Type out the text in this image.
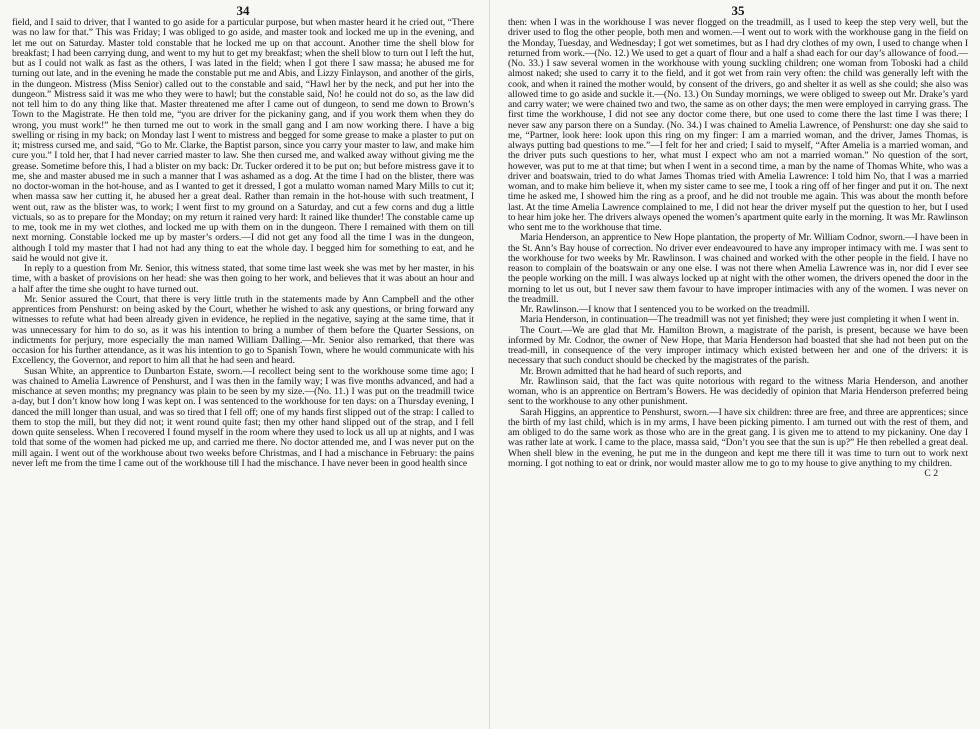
34

field, and I said to driver, that I wanted to go aside for a particular purpose, but when master heard it he cried out, “There was no law for that.” This was Friday; I was obliged to go aside, and master took and locked me up in the evening, and let me out on Saturday. Master told constable that he locked me up on that account. Another time the shell blow for breakfast; I had been carrying dung, and went to my hut to get my breakfast; when the shell blow to turn out I left the hut, but as I could not walk as fast as the others, I was lated in the field; when I got there I saw massa; he abused me for turning out late, and in the evening he made the constable put me and Abis, and Lizzy Finlayson, and another of the girls, in the dungeon. Mistress (Miss Senior) called out to the constable and said, “Hawl her by the neck, and put her into the dungeon.” Mistress said it was me who they were to hawl; but the constable said, No! he could not do so, as the law did not tell him to do any thing like that. Master threatened me after I came out of dungeon, to send me down to Brown’s Town to the Magistrate. He then told me, “you are driver for the pickaniny gang, and if you work them when they do wrong, you must work!” he then turned me out to work in the small gang and I am now working there. I have a big swelling or rising in my back; on Monday last I went to mistress and begged for some grease to make a plaster to put on it; mistress cursed me, and said, “Go to Mr. Clarke, the Baptist parson, since you carry your master to law, and make him cure you.” I told her, that I had never carried master to law. She then cursed me, and walked away without giving me the grease. Sometime before this, I had a blister on my back: Dr. Tucker ordered it to be put on; but before mistress gave it to me, she and master abused me in such a manner that I was ashamed as a dog. At the time I had on the blister, there was no doctor-woman in the hot-house, and as I wanted to get it dressed, I got a mulatto woman named Mary Mills to cut it; when massa saw her cutting it, he abused her a great deal. Rather than remain in the hot-house with such treatment, I went out, raw as the blister was, to work; I went first to my ground on a Saturday, and cut a few corns and dug a little victuals, so as to prepare for the Monday; on my return it rained very hard: It rained like thunder! The constable came up to me, took me in my wet clothes, and locked me up with them on in the dungeon. There I remained with them on till next morning. Constable locked me up by master’s orders.—I did not get any food all the time I was in the dungeon, although I told my master that I had not had any thing to eat the whole day. I begged him for something to eat, and he said he would not give it.

In reply to a question from Mr. Senior, this witness stated, that some time last week she was met by her master, in his time, with a basket of provisions on her head: she was then going to her work, and believes that it was about an hour and a half after the time she ought to have turned out.

Mr. Senior assured the Court, that there is very little truth in the statements made by Ann Campbell and the other apprentices from Penshurst: on being asked by the Court, whether he wished to ask any questions, or bring forward any witnesses to refute what had been already given in evidence, he replied in the negative, saying at the same time, that it was unnecessary for him to do so, as it was his intention to bring a number of them before the Quarter Sessions, on indictments for perjury, more especially the man named William Dalling.—Mr. Senior also remarked, that there was occasion for his further attendance, as it was his intention to go to Spanish Town, where he would communicate with his Excellency, the Governor, and report to him all that he had seen and heard.

Susan White, an apprentice to Dunbarton Estate, sworn.—I recollect being sent to the workhouse some time ago; I was chained to Amelia Lawrence of Penshurst, and I was then in the family way; I was five months advanced, and had a mischance at seven months; my pregnancy was plain to be seen by my size.—(No. 11.) I was put on the treadmill twice a-day, but I don’t know how long I was kept on. I was sentenced to the workhouse for ten days: on a Thursday evening, I danced the mill longer than usual, and was so tired that I fell off; one of my hands first slipped out of the strap: I called to them to stop the mill, but they did not; it went round quite fast; then my other hand slipped out of the strap, and I fell down quite senseless. When I recovered I found myself in the room where they used to lock us all up at nights, and I was told that some of the women had picked me up, and carried me there. No doctor attended me, and I was never put on the mill again. I went out of the workhouse about two weeks before Christmas, and I had a mischance in February: the pains never left me from the time I came out of the workhouse till I had the mischance. I have never been in good health since

35

then: when I was in the workhouse I was never flogged on the treadmill, as I used to keep the step very well, but the driver used to flog the other people, both men and women.—I went out to work with the workhouse gang in the field on the Monday, Tuesday, and Wednesday; I got wet sometimes, but as I had dry clothes of my own, I used to change when I returned from work.—(No. 12.) We used to get a quart of flour and a half a shad each for our day’s allowance of food.—(No. 33.) I saw several women in the workhouse with young suckling children; one woman from Toboski had a child almost naked; she used to carry it to the field, and it got wet from rain very often: the child was generally left with the cook, and when it rained the mother would, by consent of the drivers, go and shelter it as well as she could; she also was allowed time to go aside and suckle it.—(No. 13.) On Sunday mornings, we were obliged to sweep out Mr. Drake’s yard and carry water; we were chained two and two, the same as on other days; the men were employed in carrying grass. The first time the workhouse, I did not see any doctor come there, but one used to come there the last time I was there; I never saw any parson there on a Sunday. (No. 34.) I was chained to Amelia Lawrence, of Penshurst: one day she said to me, “Partner, look here: look upon this ring on my finger: I am a married woman, and the driver, James Thomas, is always putting bad questions to me.”—I felt for her and cried; I said to myself, “After Amelia is a married woman, and the driver puts such questions to her, what must I expect who am not a married woman.” No question of the sort, however, was put to me at that time; but when I went in a second time, a man by the name of Thomas White, who was a driver and boatswain, tried to do what James Thomas tried with Amelia Lawrence: I told him No, that I was a married woman, and to make him believe it, when my sister came to see me, I took a ring off of her finger and put it on. The next time he asked me, I showed him the ring as a proof, and he did not trouble me again. This was about the month before last. At the time Amelia Lawrence complained to me, I did not hear the driver myself put the question to her, but I used to hear him joke her. The drivers always opened the women’s apartment quite early in the morning. It was Mr. Rawlinson who sent me to the workhouse that time.

Maria Henderson, an apprentice to New Hope plantation, the property of Mr. William Codnor, sworn.—I have been in the St. Ann’s Bay house of correction. No driver ever endeavoured to have any improper intimacy with me. I was sent to the workhouse for two weeks by Mr. Rawlinson. I was chained and worked with the other people in the field. I have no reason to complain of the boatswain or any one else. I was not there when Amelia Lawrence was in, nor did I ever see the people working on the mill. I was always locked up at night with the other women, the drivers opened the door in the morning to let us out, but I never saw them favour to have improper intimacies with any of the women. I was never on the treadmill.

Mr. Rawlinson.—I know that I sentenced you to be worked on the treadmill.

Maria Henderson, in continuation—The treadmill was not yet finished; they were just completing it when I went in.

The Court.—We are glad that Mr. Hamilton Brown, a magistrate of the parish, is present, because we have been informed by Mr. Codnor, the owner of New Hope, that Maria Henderson had boasted that she had not been put on the tread-mill, in consequence of the very improper intimacy which existed between her and one of the drivers: it is necessary that such conduct should be checked by the magistrates of the parish.

Mr. Brown admitted that he had heard of such reports, and

Mr. Rawlinson said, that the fact was quite notorious with regard to the witness Maria Henderson, and another woman, who is an apprentice on Bertram’s Bowers. He was decidedly of opinion that Maria Henderson preferred being sent to the workhouse to any other punishment.

Sarah Higgins, an apprentice to Penshurst, sworn.—I have six children: three are free, and three are apprentices; since the birth of my last child, which is in my arms, I have been picking pimento. I am turned out with the rest of them, and am obliged to do the same work as those who are in the great gang. I is given me to attend to my pickaniny. One day I was rather late at work. I came to the place, massa said, “Don’t you see that the sun is up?” He then rebelled a great deal. When shell blew in the evening, he put me in the dungeon and kept me there till it was time to turn out to work next morning. I got nothing to eat or drink, nor would master allow me to go to my house to give anything to my children.

C 2
